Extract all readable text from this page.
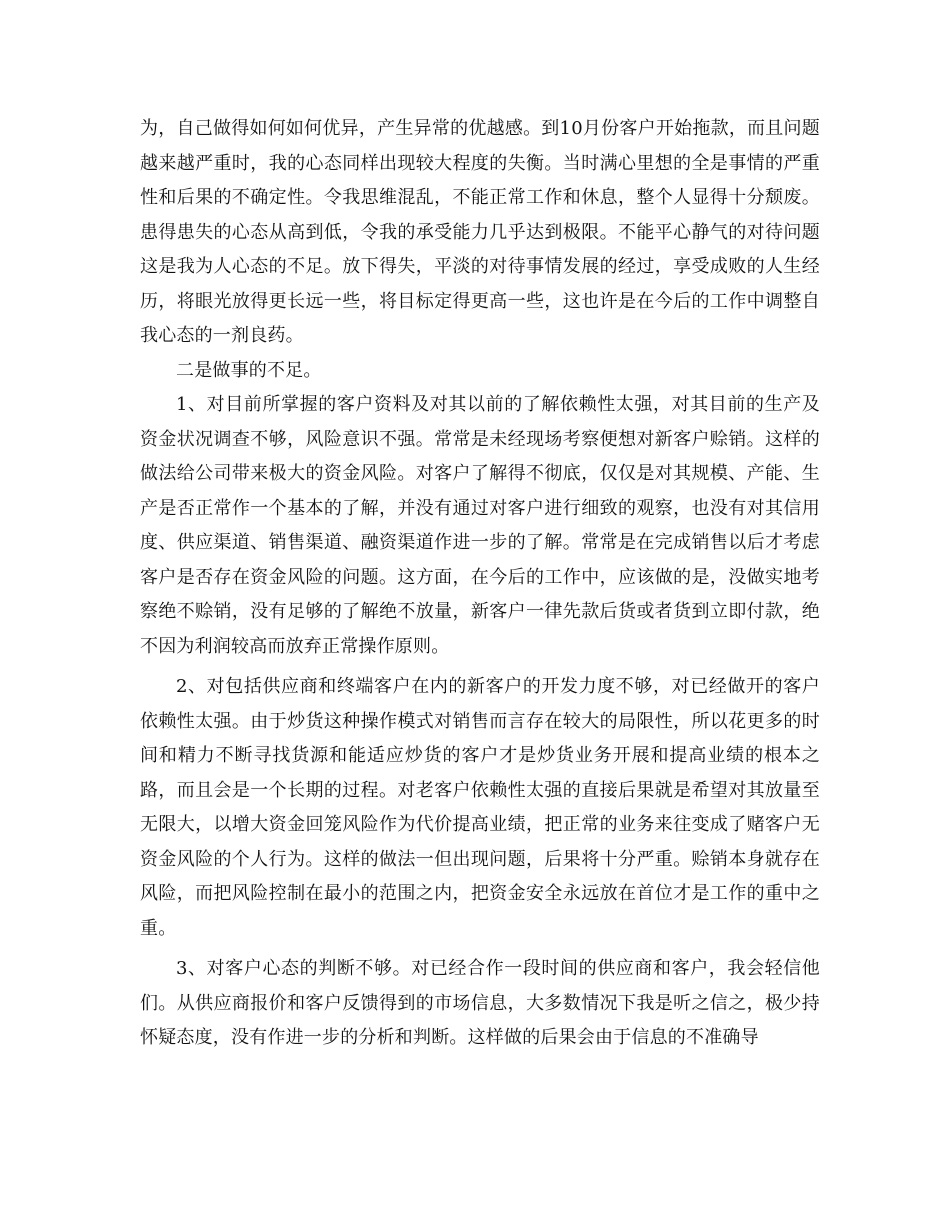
为，自己做得如何如何优异，产生异常的优越感。到10月份客户开始拖款，而且问题越来越严重时，我的心态同样出现较大程度的失衡。当时满心里想的全是事情的严重性和后果的不确定性。令我思维混乱，不能正常工作和休息，整个人显得十分颓废。患得患失的心态从高到低，令我的承受能力几乎达到极限。不能平心静气的对待问题这是我为人心态的不足。放下得失，平淡的对待事情发展的经过，享受成败的人生经历，将眼光放得更长远一些，将目标定得更高一些，这也许是在今后的工作中调整自我心态的一剂良药。

二是做事的不足。

1、对目前所掌握的客户资料及对其以前的了解依赖性太强，对其目前的生产及资金状况调查不够，风险意识不强。常常是未经现场考察便想对新客户赊销。这样的做法给公司带来极大的资金风险。对客户了解得不彻底，仅仅是对其规模、产能、生产是否正常作一个基本的了解，并没有通过对客户进行细致的观察，也没有对其信用度、供应渠道、销售渠道、融资渠道作进一步的了解。常常是在完成销售以后才考虑客户是否存在资金风险的问题。这方面，在今后的工作中，应该做的是，没做实地考察绝不赊销，没有足够的了解绝不放量，新客户一律先款后货或者货到立即付款，绝不因为利润较高而放弃正常操作原则。

2、对包括供应商和终端客户在内的新客户的开发力度不够，对已经做开的客户依赖性太强。由于炒货这种操作模式对销售而言存在较大的局限性，所以花更多的时间和精力不断寻找货源和能适应炒货的客户才是炒货业务开展和提高业绩的根本之路，而且会是一个长期的过程。对老客户依赖性太强的直接后果就是希望对其放量至无限大，以增大资金回笼风险作为代价提高业绩，把正常的业务来往变成了赌客户无资金风险的个人行为。这样的做法一但出现问题，后果将十分严重。赊销本身就存在风险，而把风险控制在最小的范围之内，把资金安全永远放在首位才是工作的重中之重。

3、对客户心态的判断不够。对已经合作一段时间的供应商和客户，我会轻信他们。从供应商报价和客户反馈得到的市场信息，大多数情况下我是听之信之，极少持怀疑态度，没有作进一步的分析和判断。这样做的后果会由于信息的不准确导
